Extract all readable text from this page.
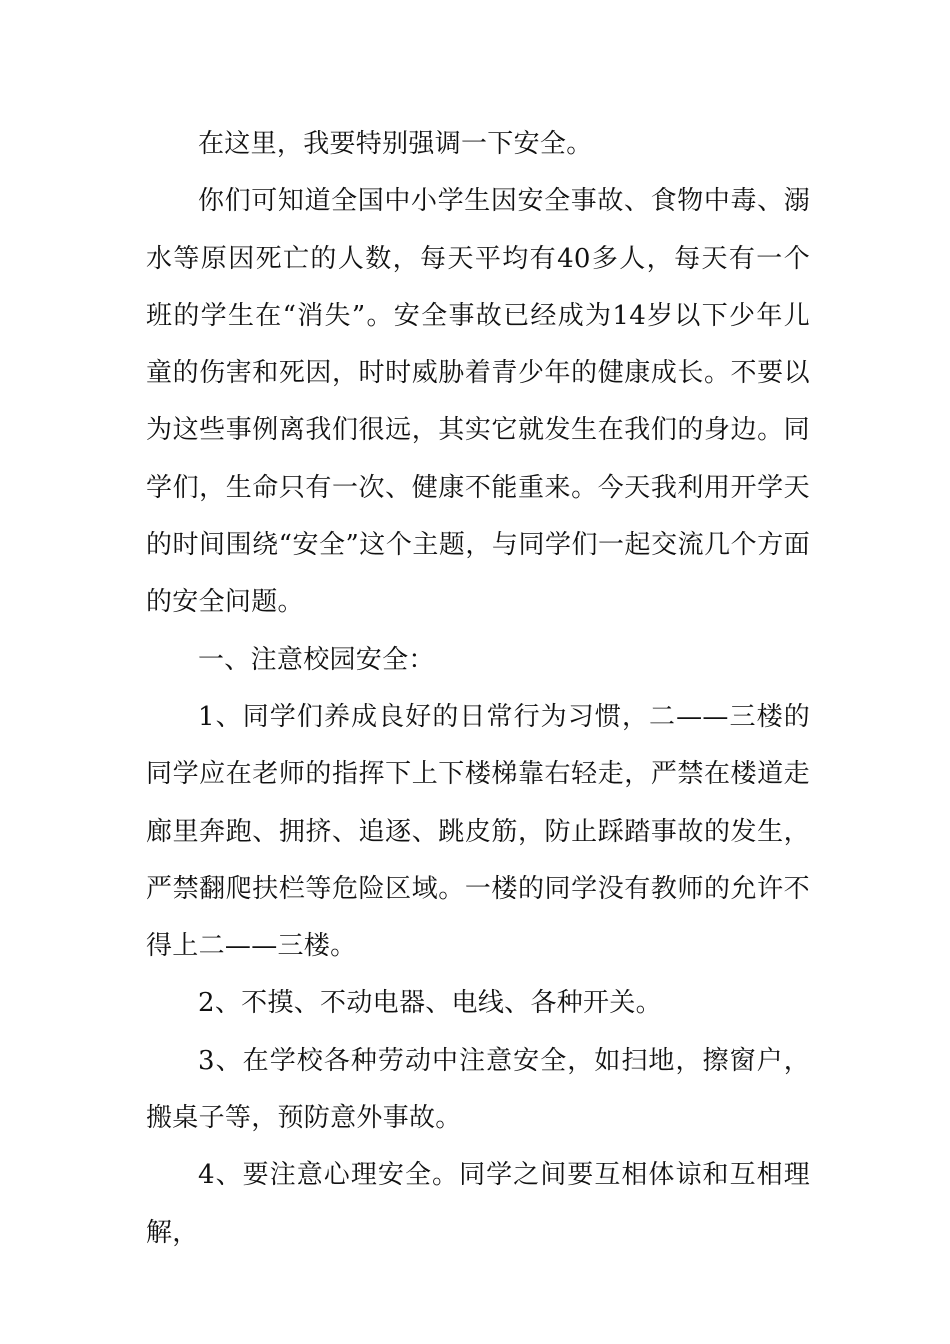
在这里，我要特别强调一下安全。

你们可知道全国中小学生因安全事故、食物中毒、溺水等原因死亡的人数，每天平均有40多人，每天有一个班的学生在“消失”。安全事故已经成为14岁以下少年儿童的伤害和死因，时时威胁着青少年的健康成长。不要以为这些事例离我们很远，其实它就发生在我们的身边。同学们，生命只有一次、健康不能重来。今天我利用开学天的时间围绕“安全”这个主题，与同学们一起交流几个方面的安全问题。

一、注意校园安全：

1、同学们养成良好的日常行为习惯，二——三楼的同学应在老师的指挥下上下楼梯靠右轻走，严禁在楼道走廊里奔跑、拥挤、追逐、跳皮筋，防止踩踏事故的发生，严禁翻爬扶栏等危险区域。一楼的同学没有教师的允许不得上二——三楼。

2、不摸、不动电器、电线、各种开关。

3、在学校各种劳动中注意安全，如扫地，擦窗户，搬桌子等，预防意外事故。

4、要注意心理安全。同学之间要互相体谅和互相理解，
